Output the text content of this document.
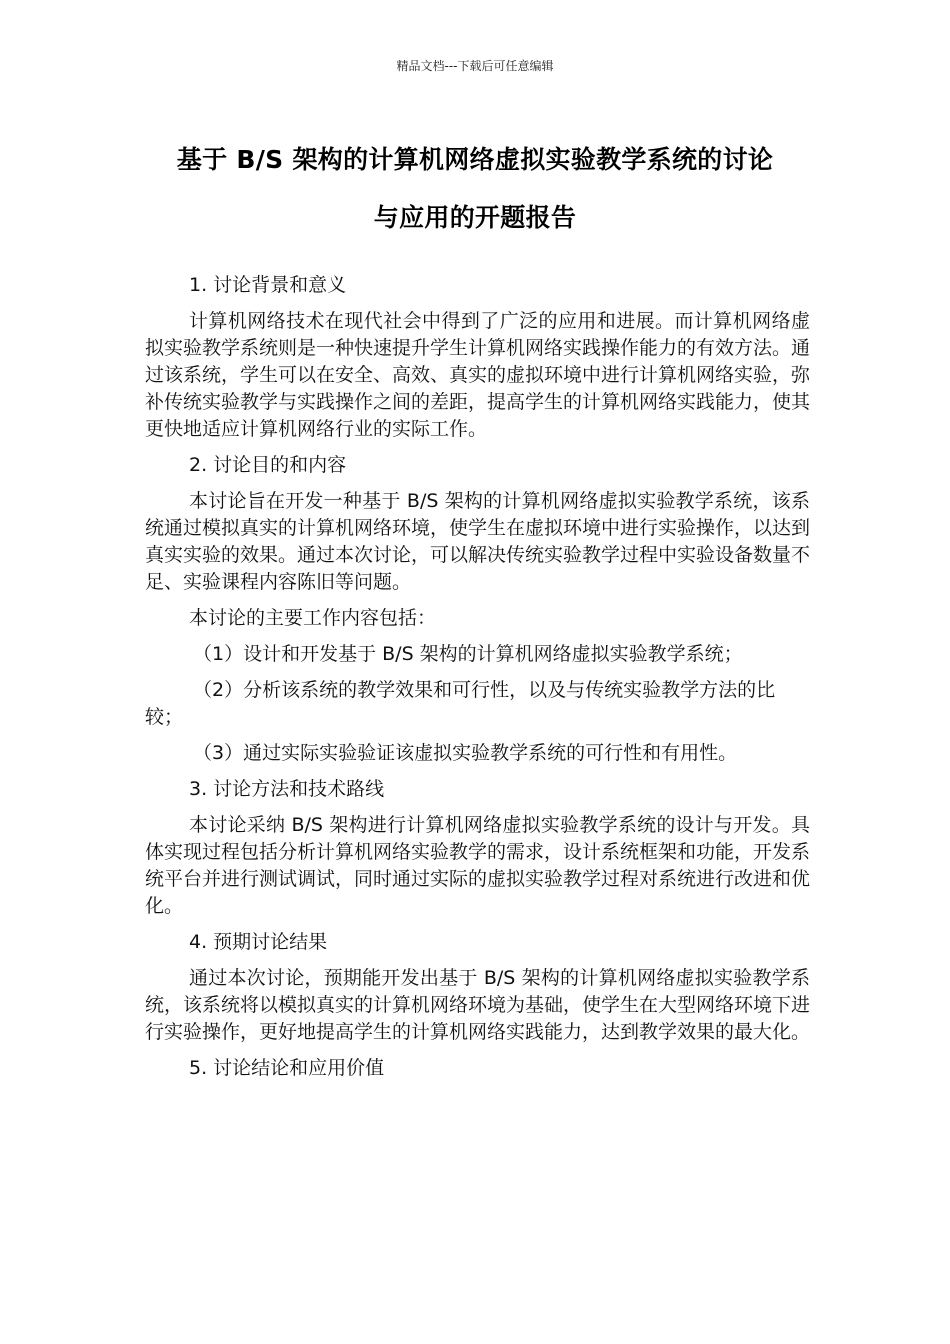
精品文档---下载后可任意编辑
基于 B/S 架构的计算机网络虚拟实验教学系统的讨论
与应用的开题报告
1. 讨论背景和意义
计算机网络技术在现代社会中得到了广泛的应用和进展。而计算机网络虚拟实验教学系统则是一种快速提升学生计算机网络实践操作能力的有效方法。通过该系统，学生可以在安全、高效、真实的虚拟环境中进行计算机网络实验，弥补传统实验教学与实践操作之间的差距，提高学生的计算机网络实践能力，使其更快地适应计算机网络行业的实际工作。
2. 讨论目的和内容
本讨论旨在开发一种基于 B/S 架构的计算机网络虚拟实验教学系统，该系统通过模拟真实的计算机网络环境，使学生在虚拟环境中进行实验操作，以达到真实实验的效果。通过本次讨论，可以解决传统实验教学过程中实验设备数量不足、实验课程内容陈旧等问题。
本讨论的主要工作内容包括：
（1）设计和开发基于 B/S 架构的计算机网络虚拟实验教学系统；
（2）分析该系统的教学效果和可行性，以及与传统实验教学方法的比较；
（3）通过实际实验验证该虚拟实验教学系统的可行性和有用性。
3. 讨论方法和技术路线
本讨论采纳 B/S 架构进行计算机网络虚拟实验教学系统的设计与开发。具体实现过程包括分析计算机网络实验教学的需求，设计系统框架和功能，开发系统平台并进行测试调试，同时通过实际的虚拟实验教学过程对系统进行改进和优化。
4. 预期讨论结果
通过本次讨论，预期能开发出基于 B/S 架构的计算机网络虚拟实验教学系统，该系统将以模拟真实的计算机网络环境为基础，使学生在大型网络环境下进行实验操作，更好地提高学生的计算机网络实践能力，达到教学效果的最大化。
5. 讨论结论和应用价值
